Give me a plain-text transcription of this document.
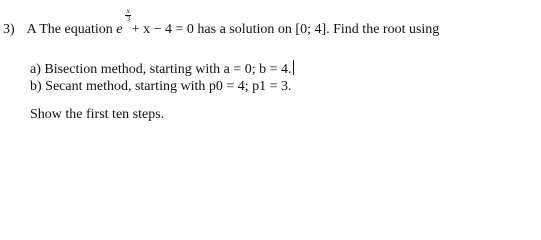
3) A The equation e
x
3
+ x − 4 = 0 has a solution on [0; 4]. Find the root using
a) Bisection method, starting with a = 0; b = 4.
b) Secant method, starting with p0 = 4; p1 = 3.
Show the first ten steps.
